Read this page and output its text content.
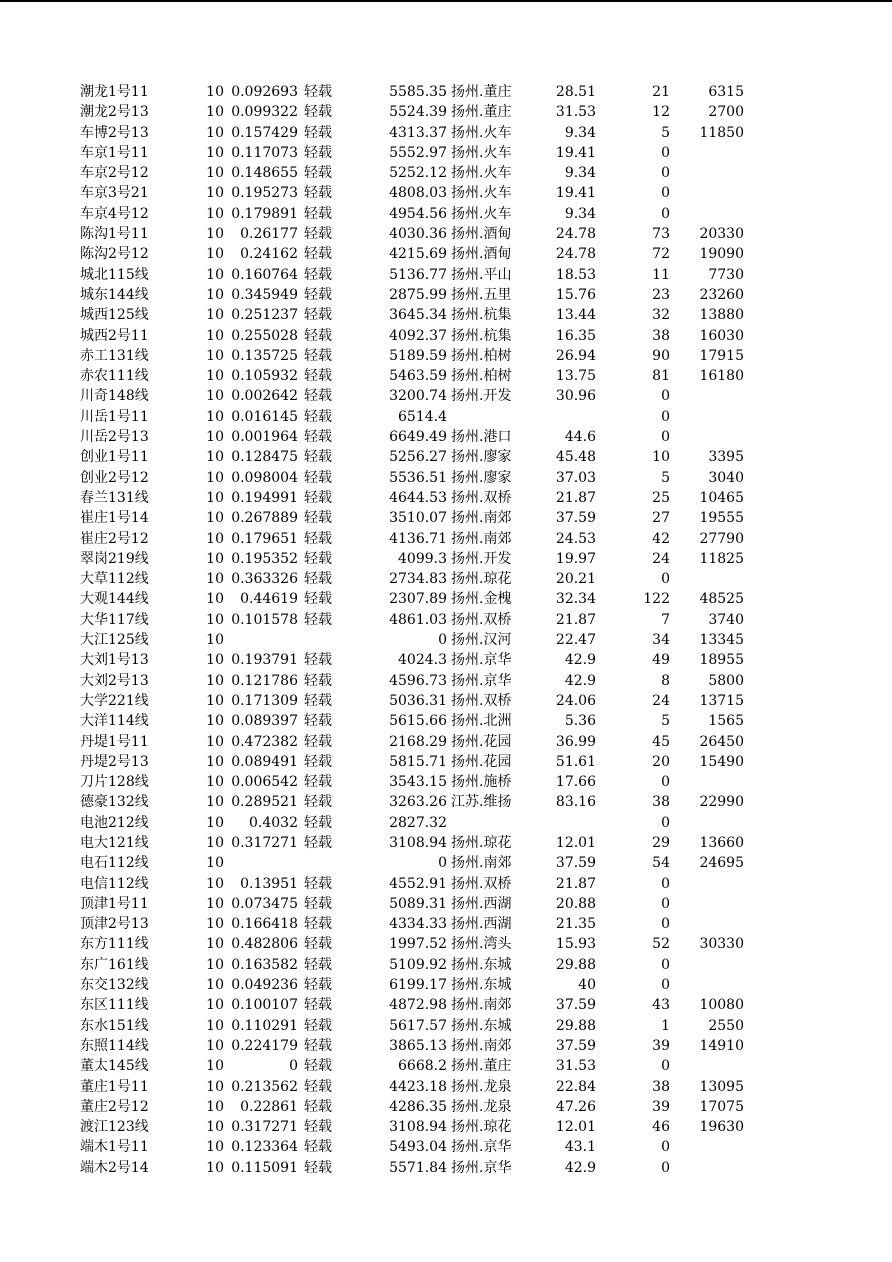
潮龙1号11	10 0.092693 轻载	5585.35 扬州.董庄	28.51	21	6315
潮龙2号13	10 0.099322 轻载	5524.39 扬州.董庄	31.53	12	2700
车博2号13	10 0.157429 轻载	4313.37 扬州.火车	9.34	5	11850
车京1号11	10 0.117073 轻载	5552.97 扬州.火车	19.41	0
车京2号12	10 0.148655 轻载	5252.12 扬州.火车	9.34	0
车京3号21	10 0.195273 轻载	4808.03 扬州.火车	19.41	0
车京4号12	10 0.179891 轻载	4954.56 扬州.火车	9.34	0
陈沟1号11	10	0.26177 轻载	4030.36 扬州.酒甸	24.78	73	20330
陈沟2号12	10	0.24162 轻载	4215.69 扬州.酒甸	24.78	72	19090
城北115线	10 0.160764 轻载	5136.77 扬州.平山	18.53	11	7730
城东144线	10 0.345949 轻载	2875.99 扬州.五里	15.76	23	23260
城西125线	10 0.251237 轻载	3645.34 扬州.杭集	13.44	32	13880
城西2号11	10 0.255028 轻载	4092.37 扬州.杭集	16.35	38	16030
赤工131线	10 0.135725 轻载	5189.59 扬州.柏树	26.94	90	17915
赤农111线	10 0.105932 轻载	5463.59 扬州.柏树	13.75	81	16180
川奇148线	10 0.002642 轻载	3200.74 扬州.开发	30.96	0
川岳1号11	10 0.016145 轻载	6514.4	0
川岳2号13	10 0.001964 轻载	6649.49 扬州.港口	44.6	0
创业1号11	10 0.128475 轻载	5256.27 扬州.廖家	45.48	10	3395
创业2号12	10 0.098004 轻载	5536.51 扬州.廖家	37.03	5	3040
春兰131线	10 0.194991 轻载	4644.53 扬州.双桥	21.87	25	10465
崔庄1号14	10 0.267889 轻载	3510.07 扬州.南郊	37.59	27	19555
崔庄2号12	10 0.179651 轻载	4136.71 扬州.南郊	24.53	42	27790
翠岗219线	10 0.195352 轻载	4099.3 扬州.开发	19.97	24	11825
大草112线	10 0.363326 轻载	2734.83 扬州.琼花	20.21	0
大观144线	10	0.44619 轻载	2307.89 扬州.金槐	32.34	122	48525
大华117线	10 0.101578 轻载	4861.03 扬州.双桥	21.87	7	3740
大江125线	10	0 扬州.汉河	22.47	34	13345
大刘1号13	10 0.193791 轻载	4024.3 扬州.京华	42.9	49	18955
大刘2号13	10 0.121786 轻载	4596.73 扬州.京华	42.9	8	5800
大学221线	10 0.171309 轻载	5036.31 扬州.双桥	24.06	24	13715
大洋114线	10 0.089397 轻载	5615.66 扬州.北洲	5.36	5	1565
丹堤1号11	10 0.472382 轻载	2168.29 扬州.花园	36.99	45	26450
丹堤2号13	10 0.089491 轻载	5815.71 扬州.花园	51.61	20	15490
刀片128线	10 0.006542 轻载	3543.15 扬州.施桥	17.66	0
德豪132线	10 0.289521 轻载	3263.26 江苏.维扬	83.16	38	22990
电池212线	10	0.4032 轻载	2827.32	0
电大121线	10 0.317271 轻载	3108.94 扬州.琼花	12.01	29	13660
电石112线	10	0 扬州.南郊	37.59	54	24695
电信112线	10	0.13951 轻载	4552.91 扬州.双桥	21.87	0
顶津1号11	10 0.073475 轻载	5089.31 扬州.西湖	20.88	0
顶津2号13	10 0.166418 轻载	4334.33 扬州.西湖	21.35	0
东方111线	10 0.482806 轻载	1997.52 扬州.湾头	15.93	52	30330
东广161线	10 0.163582 轻载	5109.92 扬州.东城	29.88	0
东交132线	10 0.049236 轻载	6199.17 扬州.东城	40	0
东区111线	10 0.100107 轻载	4872.98 扬州.南郊	37.59	43	10080
东水151线	10 0.110291 轻载	5617.57 扬州.东城	29.88	1	2550
东照114线	10 0.224179 轻载	3865.13 扬州.南郊	37.59	39	14910
董太145线	10	0 轻载	6668.2 扬州.董庄	31.53	0
董庄1号11	10 0.213562 轻载	4423.18 扬州.龙泉	22.84	38	13095
董庄2号12	10	0.22861 轻载	4286.35 扬州.龙泉	47.26	39	17075
渡江123线	10 0.317271 轻载	3108.94 扬州.琼花	12.01	46	19630
端木1号11	10 0.123364 轻载	5493.04 扬州.京华	43.1	0
端木2号14	10 0.115091 轻载	5571.84 扬州.京华	42.9	0
